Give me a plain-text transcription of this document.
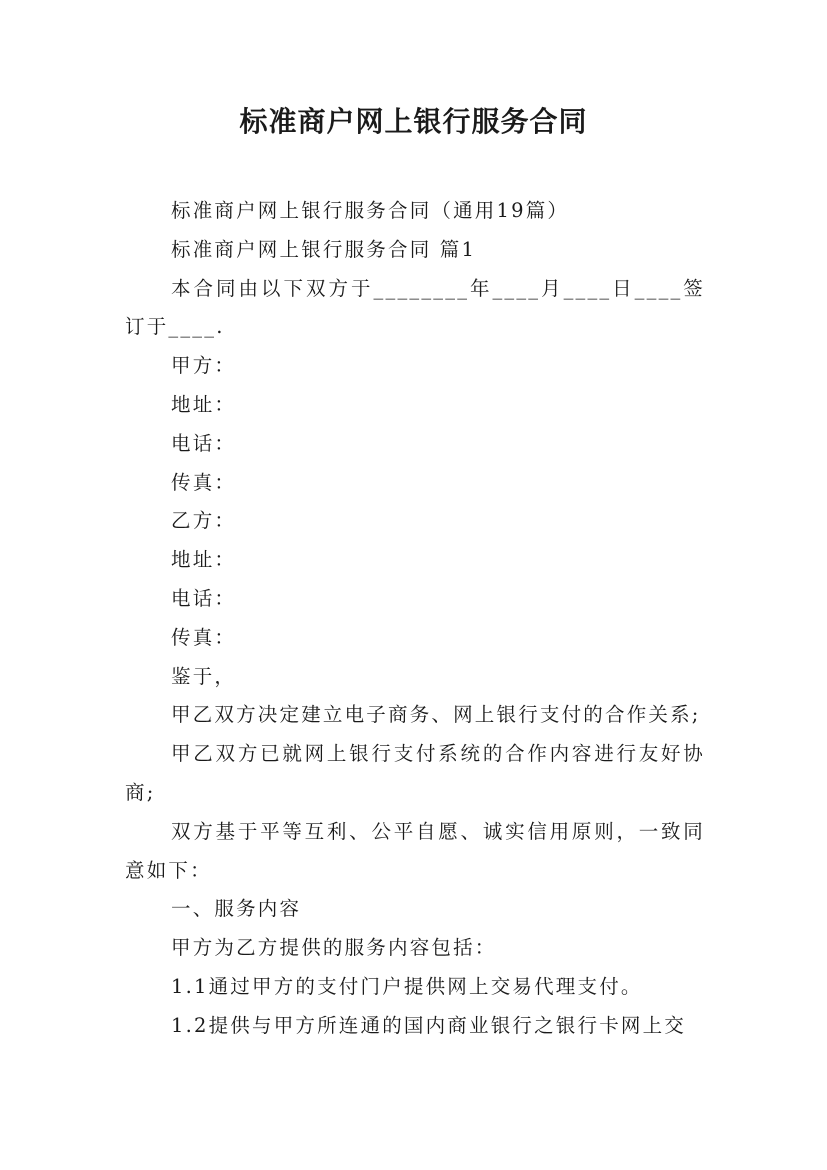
标准商户网上银行服务合同

标准商户网上银行服务合同（通用19篇）

标准商户网上银行服务合同 篇1

本合同由以下双方于________年____月____日____签订于____.

甲方：

地址：

电话：

传真：

乙方：

地址：

电话：

传真：

鉴于，

甲乙双方决定建立电子商务、网上银行支付的合作关系;

甲乙双方已就网上银行支付系统的合作内容进行友好协商;

双方基于平等互利、公平自愿、诚实信用原则，一致同意如下：

一、服务内容

甲方为乙方提供的服务内容包括：

1.1通过甲方的支付门户提供网上交易代理支付。

1.2提供与甲方所连通的国内商业银行之银行卡网上交
